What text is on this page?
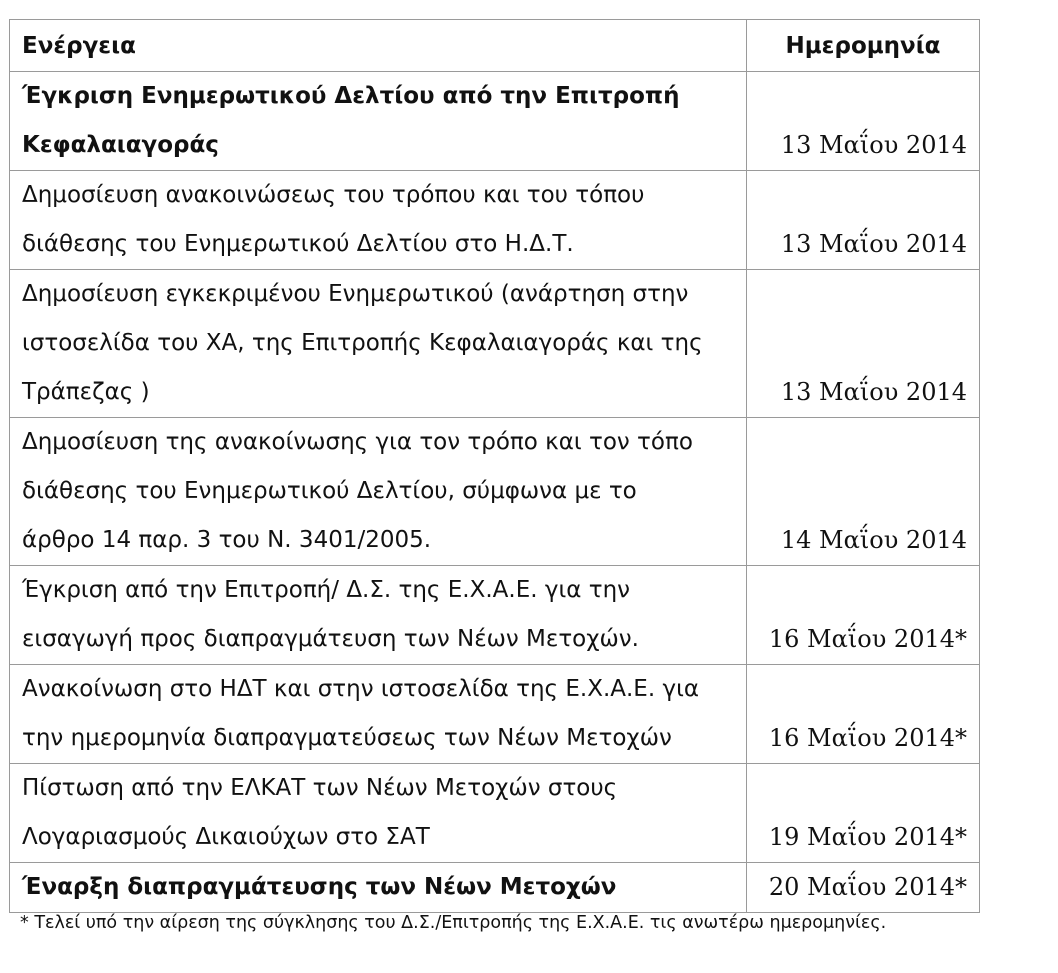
Ενέργεια	Ημερομηνία

Έγκριση Ενημερωτικού Δελτίου από την Επιτροπή
Κεφαλαιαγοράς	13 Μαΐου 2014

Δημοσίευση ανακοινώσεως του τρόπου και του τόπου
διάθεσης του Ενημερωτικού Δελτίου στο Η.Δ.Τ.	13 Μαΐου 2014

Δημοσίευση εγκεκριμένου Ενημερωτικού (ανάρτηση στην
ιστοσελίδα του ΧΑ, της Επιτροπής Κεφαλαιαγοράς και της
Τράπεζας )	13 Μαΐου 2014

Δημοσίευση της ανακοίνωσης για τον τρόπο και τον τόπο
διάθεσης του Ενημερωτικού Δελτίου, σύμφωνα με το
άρθρο 14 παρ. 3 του Ν. 3401/2005.	14 Μαΐου 2014

Έγκριση από την Επιτροπή/ Δ.Σ. της Ε.Χ.Α.Ε. για την
εισαγωγή προς διαπραγμάτευση των Νέων Μετοχών.	16 Μαΐου 2014*

Ανακοίνωση στο ΗΔΤ και στην ιστοσελίδα της Ε.Χ.Α.Ε. για
την ημερομηνία διαπραγματεύσεως των Νέων Μετοχών	16 Μαΐου 2014*

Πίστωση από την ΕΛΚΑΤ των Νέων Μετοχών στους
Λογαριασμούς Δικαιούχων στο ΣΑΤ	19 Μαΐου 2014*

Έναρξη διαπραγμάτευσης των Νέων Μετοχών	20 Μαΐου 2014*
* Τελεί υπό την αίρεση της σύγκλησης του Δ.Σ./Επιτροπής της Ε.Χ.Α.Ε. τις ανωτέρω ημερομηνίες.
